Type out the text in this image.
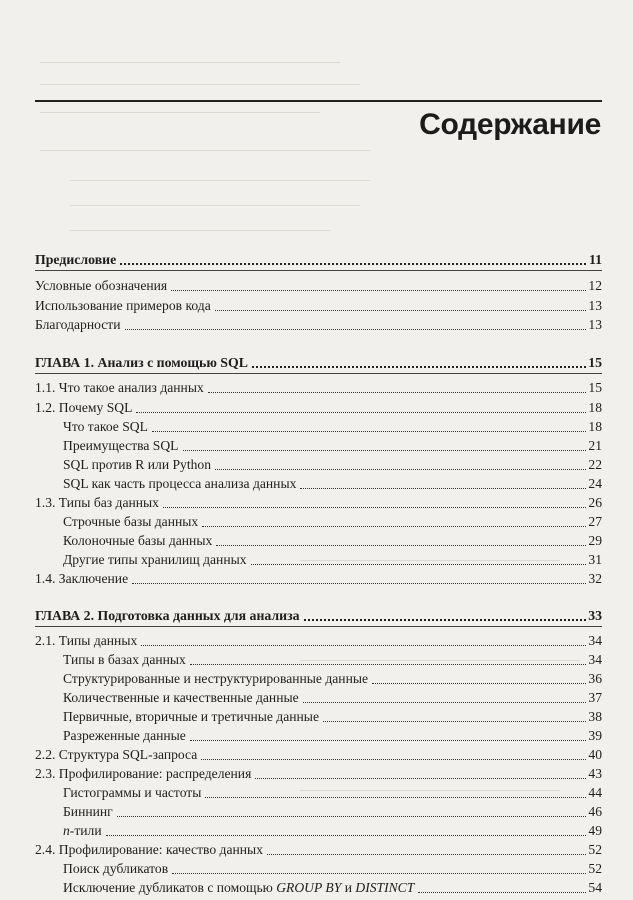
Содержание
Предисловие	11
Условные обозначения	12
Использование примеров кода	13
Благодарности	13
ГЛАВА 1. Анализ с помощью SQL	15
1.1. Что такое анализ данных	15
1.2. Почему SQL	18
Что такое SQL	18
Преимущества SQL	21
SQL против R или Python	22
SQL как часть процесса анализа данных	24
1.3. Типы баз данных	26
Строчные базы данных	27
Колоночные базы данных	29
Другие типы хранилищ данных	31
1.4. Заключение	32
ГЛАВА 2. Подготовка данных для анализа	33
2.1. Типы данных	34
Типы в базах данных	34
Структурированные и неструктурированные данные	36
Количественные и качественные данные	37
Первичные, вторичные и третичные данные	38
Разреженные данные	39
2.2. Структура SQL-запроса	40
2.3. Профилирование: распределения	43
Гистограммы и частоты	44
Биннинг	46
n-тили	49
2.4. Профилирование: качество данных	52
Поиск дубликатов	52
Исключение дубликатов с помощью GROUP BY и DISTINCT	54
